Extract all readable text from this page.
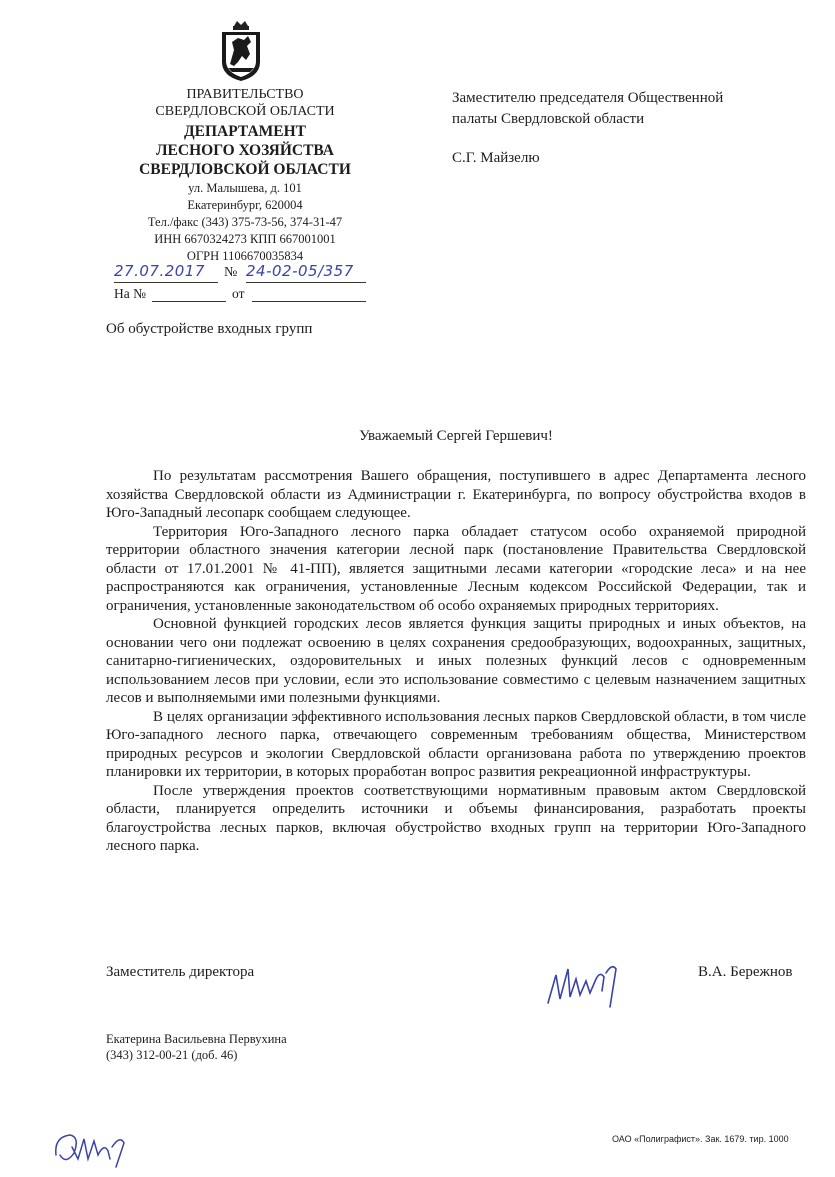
ПРАВИТЕЛЬСТВО
СВЕРДЛОВСКОЙ ОБЛАСТИ
ДЕПАРТАМЕНТ
ЛЕСНОГО ХОЗЯЙСТВА
СВЕРДЛОВСКОЙ ОБЛАСТИ
ул. Малышева, д. 101
Екатеринбург, 620004
Тел./факс (343) 375-73-56, 374-31-47
ИНН 6670324273 КПП 667001001
ОГРН 1106670035834
27.07.2017	№ 24-02-05/357
На №	от
Заместителю председателя Общественной
палаты Свердловской области
С.Г. Майзелю
Об обустройстве входных групп
Уважаемый Сергей Гершевич!

По результатам рассмотрения Вашего обращения, поступившего в адрес Департамента лесного хозяйства Свердловской области из Администрации г. Екатеринбурга, по вопросу обустройства входов в Юго-Западный лесопарк сообщаем следующее.

Территория Юго-Западного лесного парка обладает статусом особо охраняемой природной территории областного значения категории лесной парк (постановление Правительства Свердловской области от 17.01.2001 № 41-ПП), является защитными лесами категории «городские леса» и на нее распространяются как ограничения, установленные Лесным кодексом Российской Федерации, так и ограничения, установленные законодательством об особо охраняемых природных территориях.

Основной функцией городских лесов является функция защиты природных и иных объектов, на основании чего они подлежат освоению в целях сохранения средообразующих, водоохранных, защитных, санитарно-гигиенических, оздоровительных и иных полезных функций лесов с одновременным использованием лесов при условии, если это использование совместимо с целевым назначением защитных лесов и выполняемыми ими полезными функциями.

В целях организации эффективного использования лесных парков Свердловской области, в том числе Юго-западного лесного парка, отвечающего современным требованиям общества, Министерством природных ресурсов и экологии Свердловской области организована работа по утверждению проектов планировки их территории, в которых проработан вопрос развития рекреационной инфраструктуры.

После утверждения проектов соответствующими нормативным правовым актом Свердловской области, планируется определить источники и объемы финансирования, разработать проекты благоустройства лесных парков, включая обустройство входных групп на территории Юго-Западного лесного парка.

Заместитель директора	В.А. Бережнов
Екатерина Васильевна Первухина
(343) 312-00-21 (доб. 46)
ОАО «Полиграфист». Зак. 1679. тир. 1000
